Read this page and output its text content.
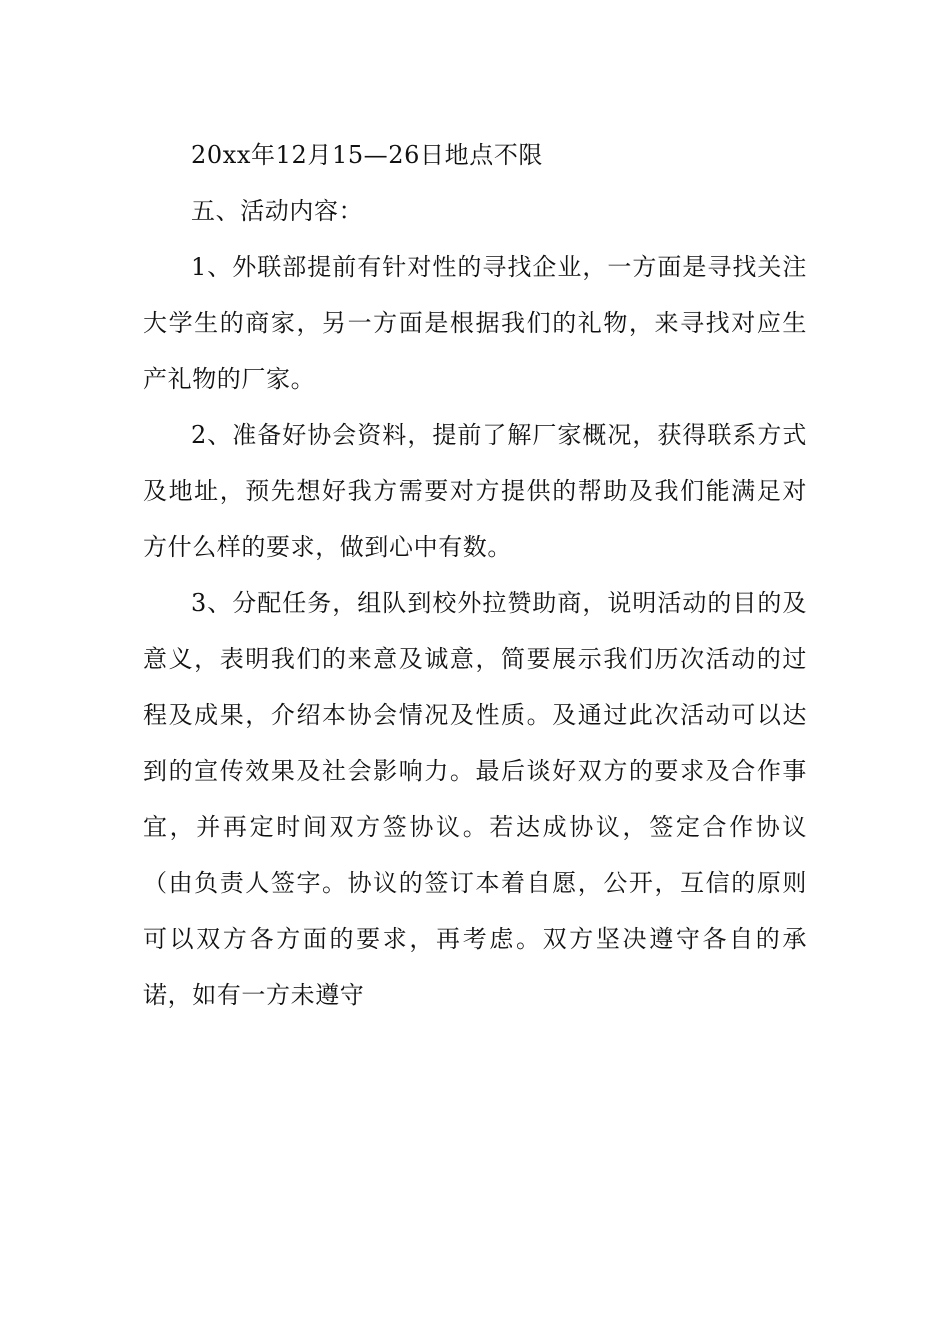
20xx年12月15—26日地点不限

五、活动内容：

1、外联部提前有针对性的寻找企业，一方面是寻找关注大学生的商家，另一方面是根据我们的礼物，来寻找对应生产礼物的厂家。

2、准备好协会资料，提前了解厂家概况，获得联系方式及地址，预先想好我方需要对方提供的帮助及我们能满足对方什么样的要求，做到心中有数。

3、分配任务，组队到校外拉赞助商，说明活动的目的及意义，表明我们的来意及诚意，简要展示我们历次活动的过程及成果，介绍本协会情况及性质。及通过此次活动可以达到的宣传效果及社会影响力。最后谈好双方的要求及合作事宜，并再定时间双方签协议。若达成协议，签定合作协议（由负责人签字。协议的签订本着自愿，公开，互信的原则可以双方各方面的要求，再考虑。双方坚决遵守各自的承诺，如有一方未遵守
